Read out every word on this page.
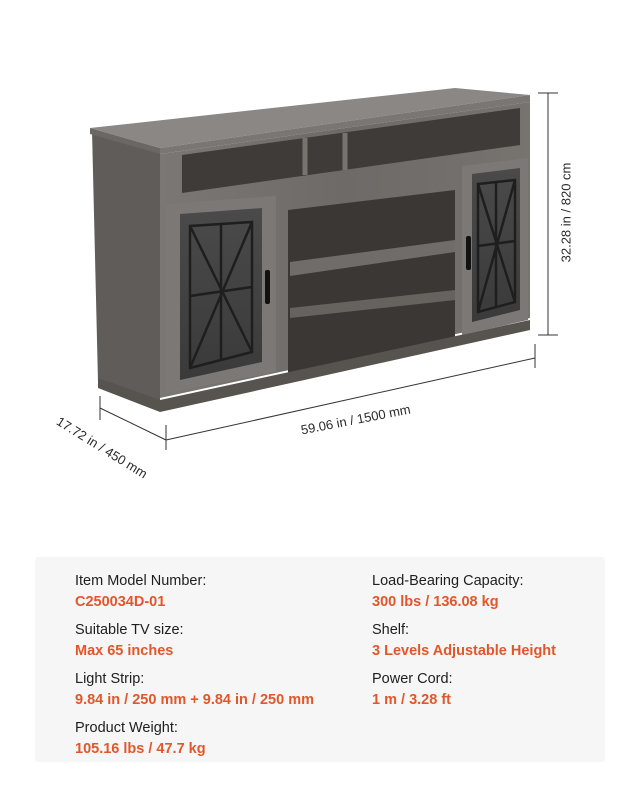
59.06 in / 1500 mm
17.72 in / 450 mm
32.28 in / 820 cm
Item Model Number:
C250034D-01
Suitable TV size:
Max 65 inches
Light Strip:
9.84 in / 250 mm + 9.84 in / 250 mm
Product Weight:
105.16 lbs / 47.7 kg
Load-Bearing Capacity:
300 lbs / 136.08 kg
Shelf:
3 Levels Adjustable Height
Power Cord:
1 m / 3.28 ft
